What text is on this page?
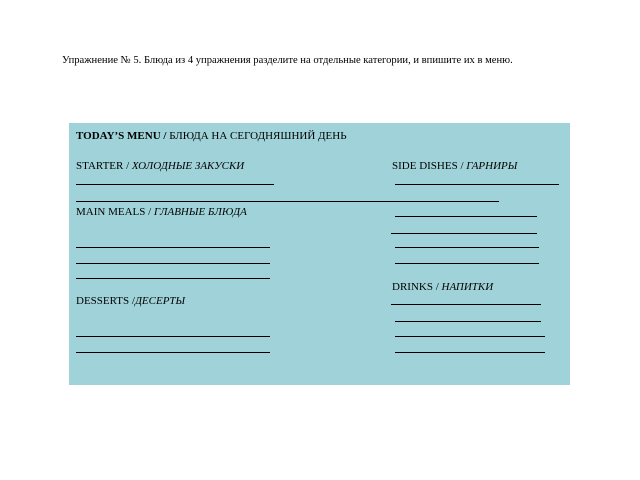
Упражнение № 5. Блюда из 4 упражнения разделите на отдельные категории, и впишите их в меню.
TODAY’S MENU / БЛЮДА НА СЕГОДНЯШНИЙ ДЕНЬ
STARTER / ХОЛОДНЫЕ ЗАКУСКИ	SIDE DISHES / ГАРНИРЫ
MAIN MEALS / ГЛАВНЫЕ БЛЮДА
DRINKS / НАПИТКИ
DESSERTS /ДЕСЕРТЫ
